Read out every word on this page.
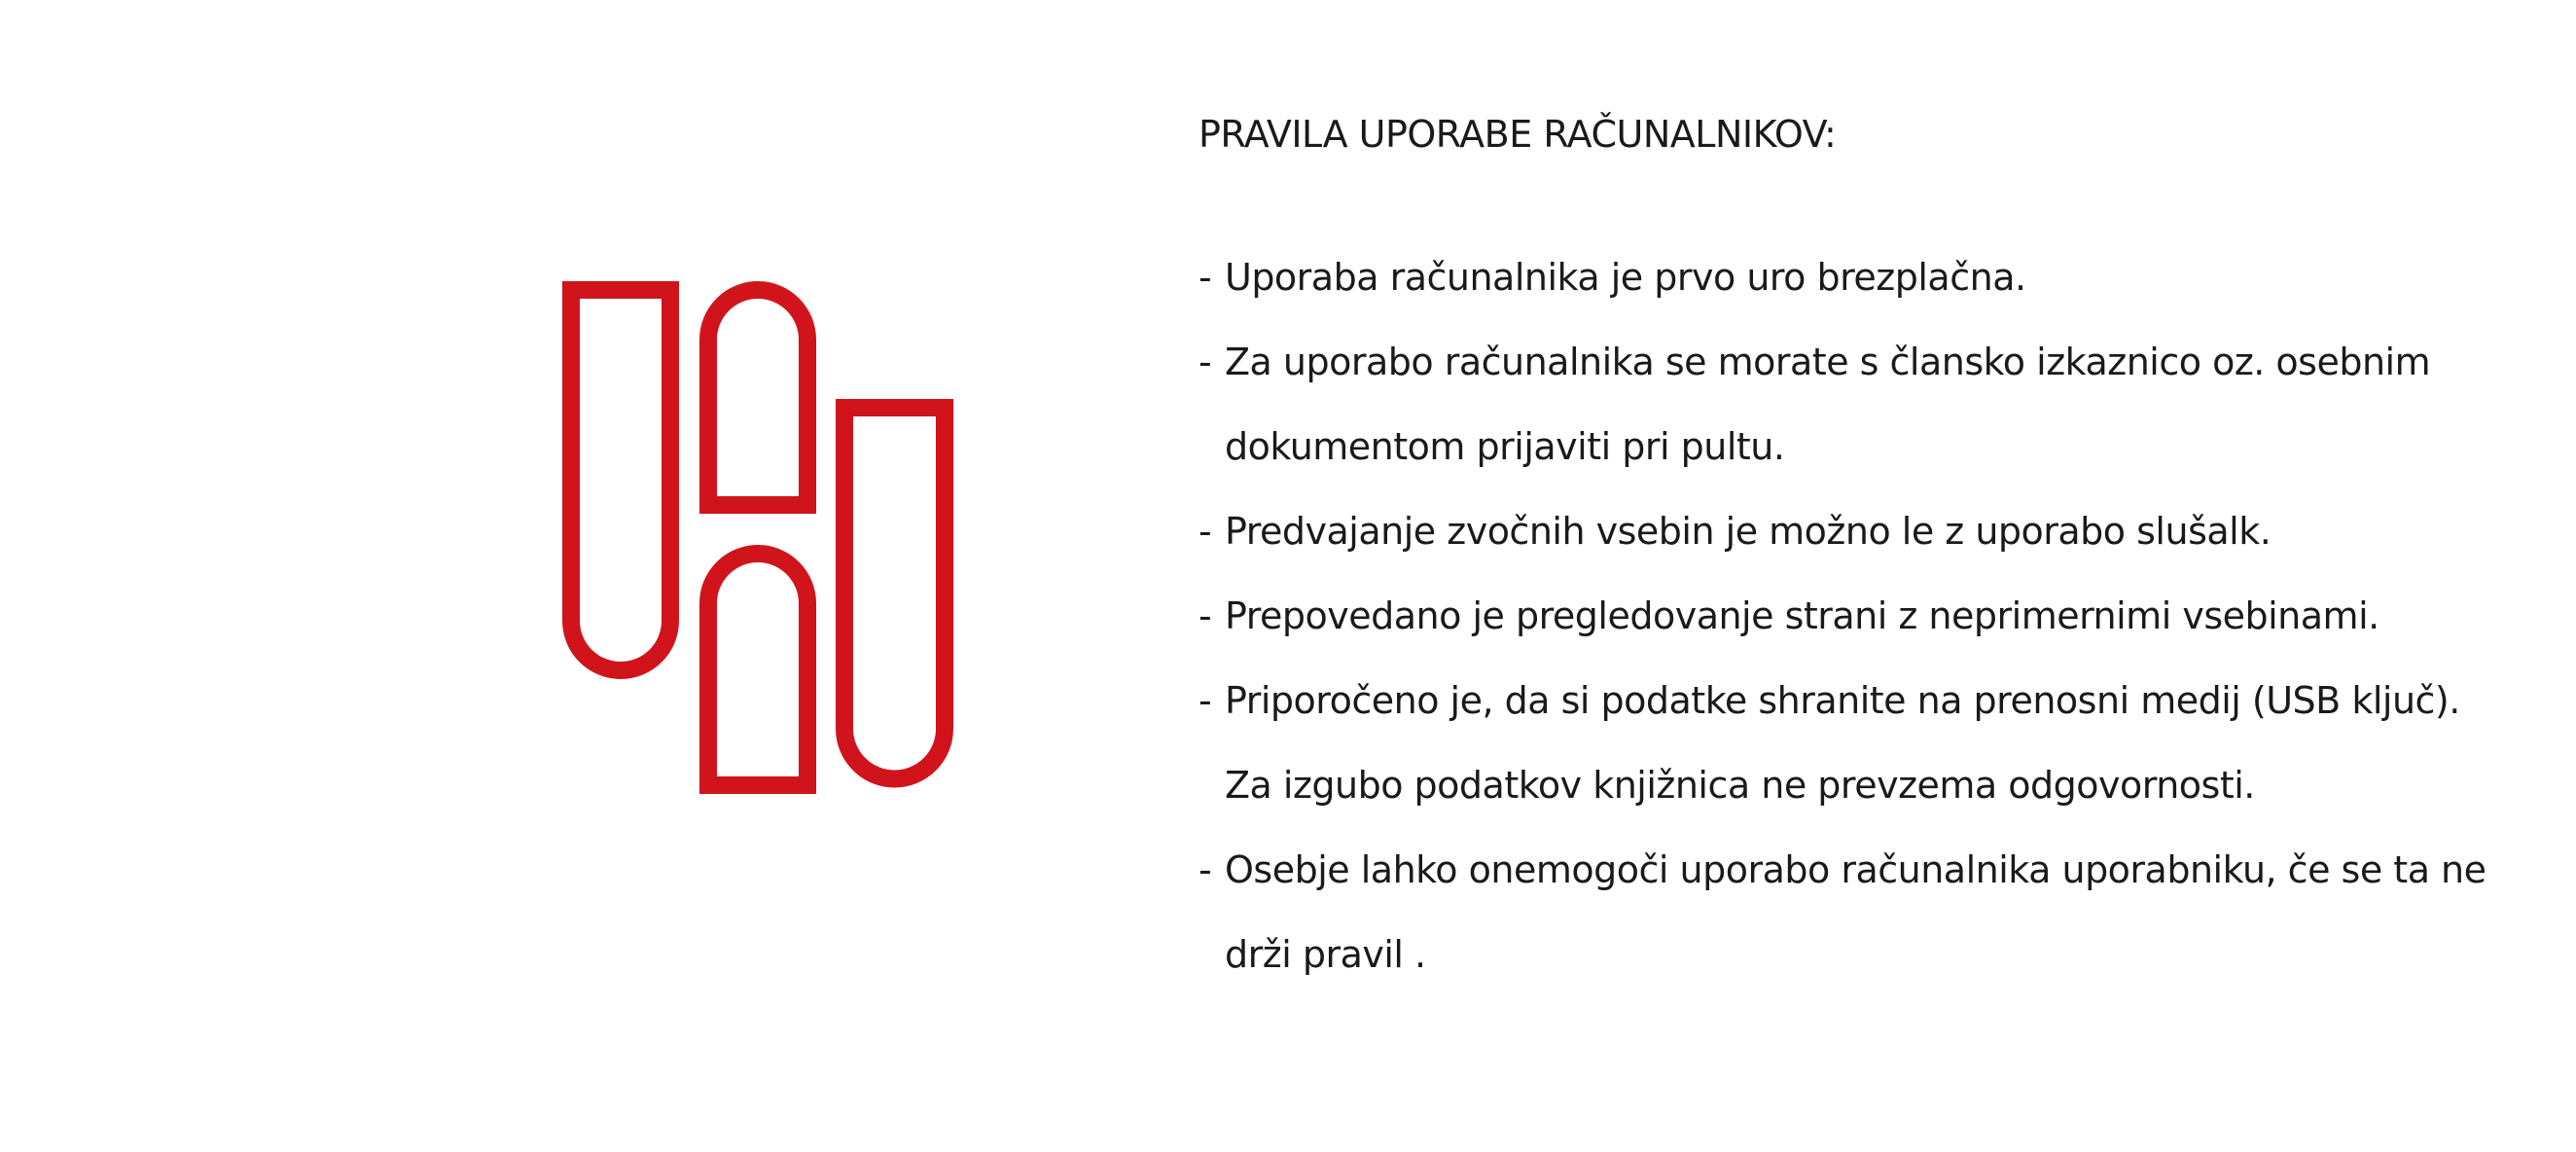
PRAVILA UPORABE RAČUNALNIKOV:
- Uporaba računalnika je prvo uro brezplačna.
- Za uporabo računalnika se morate s člansko izkaznico oz. osebnim dokumentom prijaviti pri pultu.
- Predvajanje zvočnih vsebin je možno le z uporabo slušalk.
- Prepovedano je pregledovanje strani z neprimernimi vsebinami.
- Priporočeno je, da si podatke shranite na prenosni medij (USB ključ). Za izgubo podatkov knjižnica ne prevzema odgovornosti.
- Osebje lahko onemogoči uporabo računalnika uporabniku, če se ta ne drži pravil .
